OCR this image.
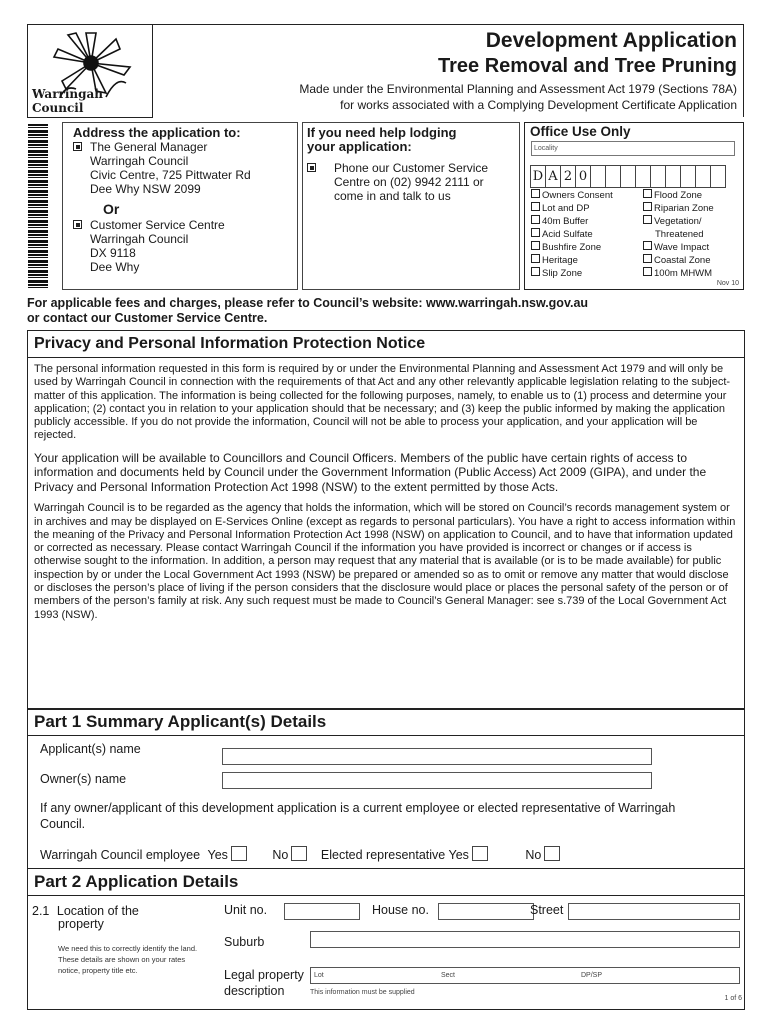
Warringah Council
Development Application
Tree Removal and Tree Pruning
Made under the Environmental Planning and Assessment Act 1979 (Sections 78A)
for works associated with a Complying Development Certificate Application
Address the application to:
The General Manager
Warringah Council
Civic Centre, 725 Pittwater Rd
Dee Why NSW 2099
Or
Customer Service Centre
Warringah Council
DX 9118
Dee Why
If you need help lodging
your application:
Phone our Customer Service
Centre on (02) 9942 2111 or
come in and talk to us
Office Use Only
Locality
D A 2 0
Owners Consent
Lot and DP
40m Buffer
Acid Sulfate
Bushfire Zone
Heritage
Slip Zone
Flood Zone
Riparian Zone
Vegetation/
Threatened
Wave Impact
Coastal Zone
100m MHWM
Nov 10
For applicable fees and charges, please refer to Council’s website: www.warringah.nsw.gov.au
or contact our Customer Service Centre.
Privacy and Personal Information Protection Notice

The personal information requested in this form is required by or under the Environmental Planning and Assessment Act 1979 and will only be used by Warringah Council in connection with the requirements of that Act and any other relevantly applicable legislation relating to the subject-matter of this application. The information is being collected for the following purposes, namely, to enable us to (1) process and determine your application; (2) contact you in relation to your application should that be necessary; and (3) keep the public informed by making the application publicly accessible. If you do not provide the information, Council will not be able to process your application, and your application will be rejected.

Your application will be available to Councillors and Council Officers. Members of the public have certain rights of access to information and documents held by Council under the Government Information (Public Access) Act 2009 (GIPA), and under the Privacy and Personal Information Protection Act 1998 (NSW) to the extent permitted by those Acts.

Warringah Council is to be regarded as the agency that holds the information, which will be stored on Council’s records management system or in archives and may be displayed on E-Services Online (except as regards to personal particulars). You have a right to access information within the meaning of the Privacy and Personal Information Protection Act 1998 (NSW) on application to Council, and to have that information updated or corrected as necessary. Please contact Warringah Council if the information you have provided is incorrect or changes or if access is otherwise sought to the information. In addition, a person may request that any material that is available (or is to be made available) for public inspection by or under the Local Government Act 1993 (NSW) be prepared or amended so as to omit or remove any matter that would disclose or discloses the person’s place of living if the person considers that the disclosure would place or places the personal safety of the person or of members of the person’s family at risk. Any such request must be made to Council’s General Manager: see s.739 of the Local Government Act 1993 (NSW).

Part 1 Summary Applicant(s) Details
Applicant(s) name
Owner(s) name
If any owner/applicant of this development application is a current employee or elected representative of Warringah Council.
Warringah Council employee Yes	No	Elected representative Yes	No
Part 2 Application Details
2.1 Location of the
property
We need this to correctly identify the land. These details are shown on your rates notice, property title etc.
Unit no.	House no.	Street
Suburb
Legal property
description
Lot	Sect	DP/SP
This information must be supplied
1 of 6
